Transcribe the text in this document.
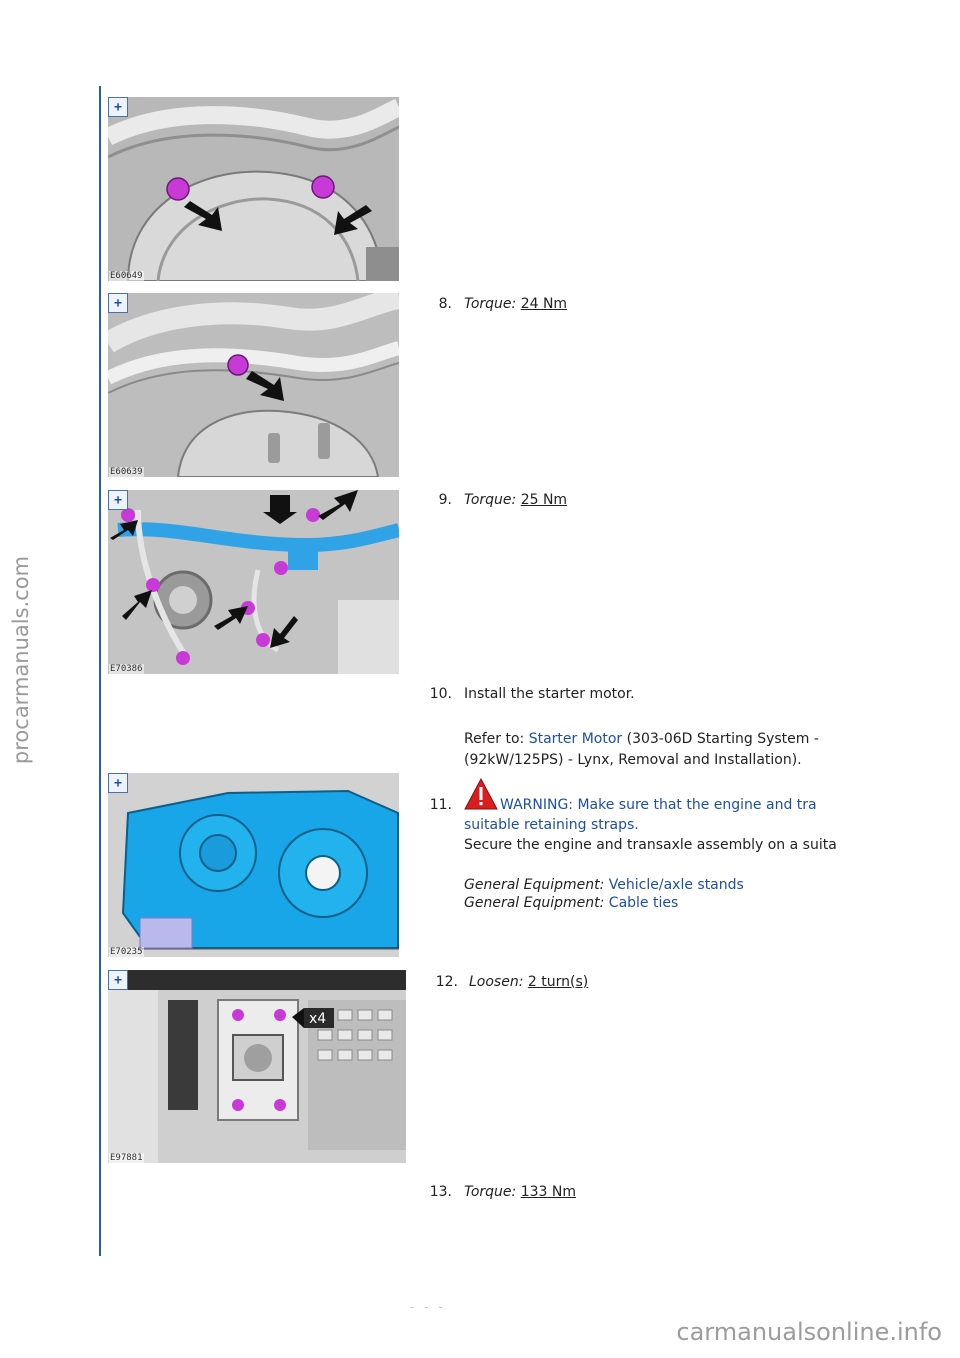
procarmanuals.com
+
E60649
+
E60639
+
E70386
+
E70235
x4
+
E97881
8. Torque: 24 Nm
9. Torque: 25 Nm
10. Install the starter motor.
Refer to: Starter Motor (303-06D Starting System -
(92kW/125PS) - Lynx, Removal and Installation).
11.	WARNING: Make sure that the engine and tra
suitable retaining straps.
Secure the engine and transaxle assembly on a suita
General Equipment: Vehicle/axle stands
General Equipment: Cable ties
12. Loosen: 2 turn(s)
13. Torque: 133 Nm
- - -
carmanualsonline.info
